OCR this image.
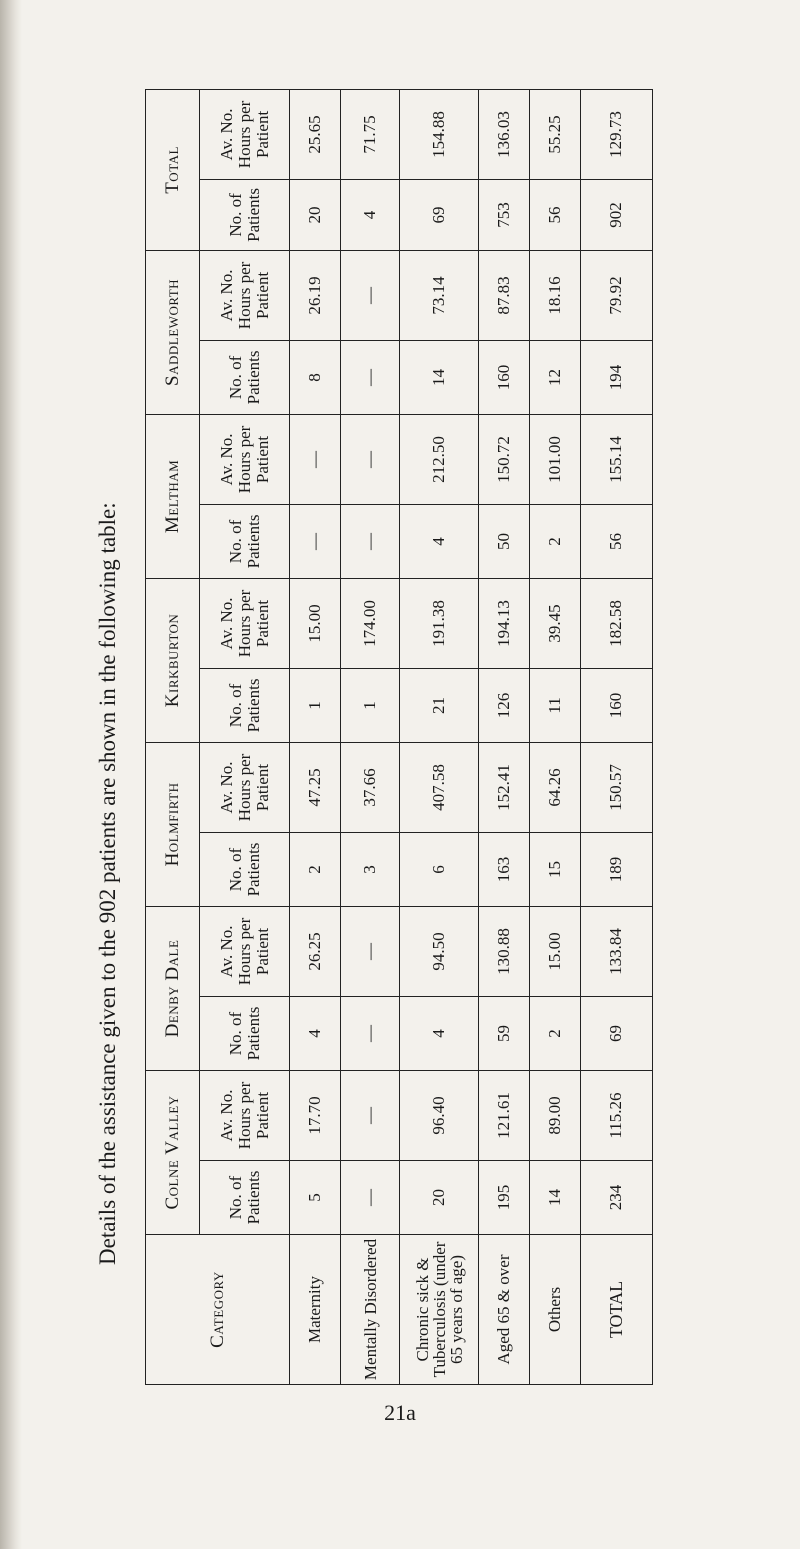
Details of the assistance given to the 902 patients are shown in the following table:
Category	Colne Valley		Denby Dale		Holmfirth		Kirkburton		Meltham		Saddleworth		Total	
	No. of Patients	Av. No. Hours per Patient	No. of Patients	Av. No. Hours per Patient	No. of Patients	Av. No. Hours per Patient	No. of Patients	Av. No. Hours per Patient	No. of Patients	Av. No. Hours per Patient	No. of Patients	Av. No. Hours per Patient	No. of Patients	Av. No. Hours per Patient
Maternity	5	17.70	4	26.25	2	47.25	1	15.00	—	—	8	26.19	20	25.65
Mentally Disordered	—	—	—	—	3	37.66	1	174.00	—	—	—	—	4	71.75
Chronic sick & Tuberculosis (under 65 years of age)	20	96.40	4	94.50	6	407.58	21	191.38	4	212.50	14	73.14	69	154.88
Aged 65 & over	195	121.61	59	130.88	163	152.41	126	194.13	50	150.72	160	87.83	753	136.03
Others	14	89.00	2	15.00	15	64.26	11	39.45	2	101.00	12	18.16	56	55.25
TOTAL	234	115.26	69	133.84	189	150.57	160	182.58	56	155.14	194	79.92	902	129.73
21a
